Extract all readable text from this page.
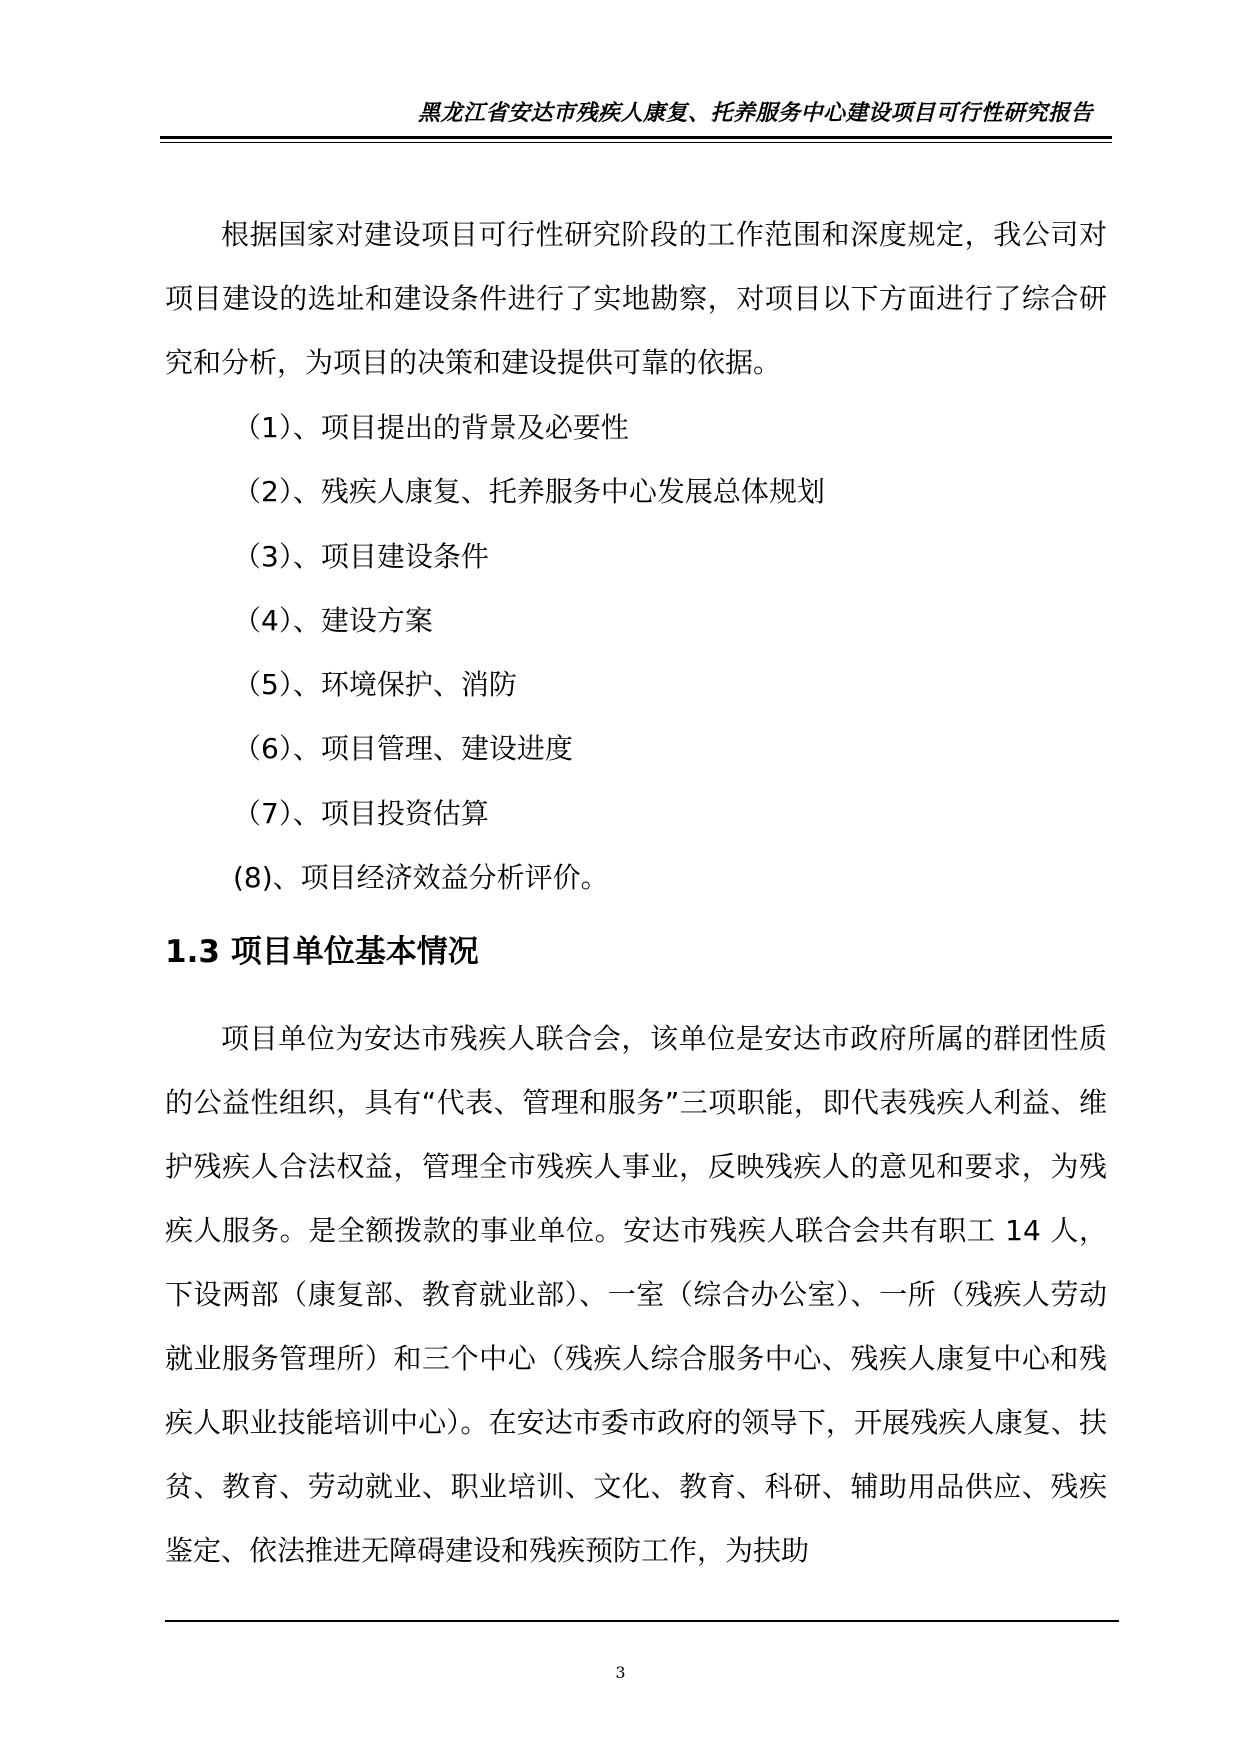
黑龙江省安达市残疾人康复、托养服务中心建设项目可行性研究报告

根据国家对建设项目可行性研究阶段的工作范围和深度规定，我公司对项目建设的选址和建设条件进行了实地勘察，对项目以下方面进行了综合研究和分析，为项目的决策和建设提供可靠的依据。

（1）、项目提出的背景及必要性
（2）、残疾人康复、托养服务中心发展总体规划
（3）、项目建设条件
（4）、建设方案
（5）、环境保护、消防
（6）、项目管理、建设进度
（7）、项目投资估算
(8)、项目经济效益分析评价。
1.3 项目单位基本情况

项目单位为安达市残疾人联合会，该单位是安达市政府所属的群团性质的公益性组织，具有“代表、管理和服务”三项职能，即代表残疾人利益、维护残疾人合法权益，管理全市残疾人事业，反映残疾人的意见和要求，为残疾人服务。是全额拨款的事业单位。安达市残疾人联合会共有职工 14 人，下设两部（康复部、教育就业部）、一室（综合办公室）、一所（残疾人劳动就业服务管理所）和三个中心（残疾人综合服务中心、残疾人康复中心和残疾人职业技能培训中心）。在安达市委市政府的领导下，开展残疾人康复、扶贫、教育、劳动就业、职业培训、文化、教育、科研、辅助用品供应、残疾鉴定、依法推进无障碍建设和残疾预防工作，为扶助

3
